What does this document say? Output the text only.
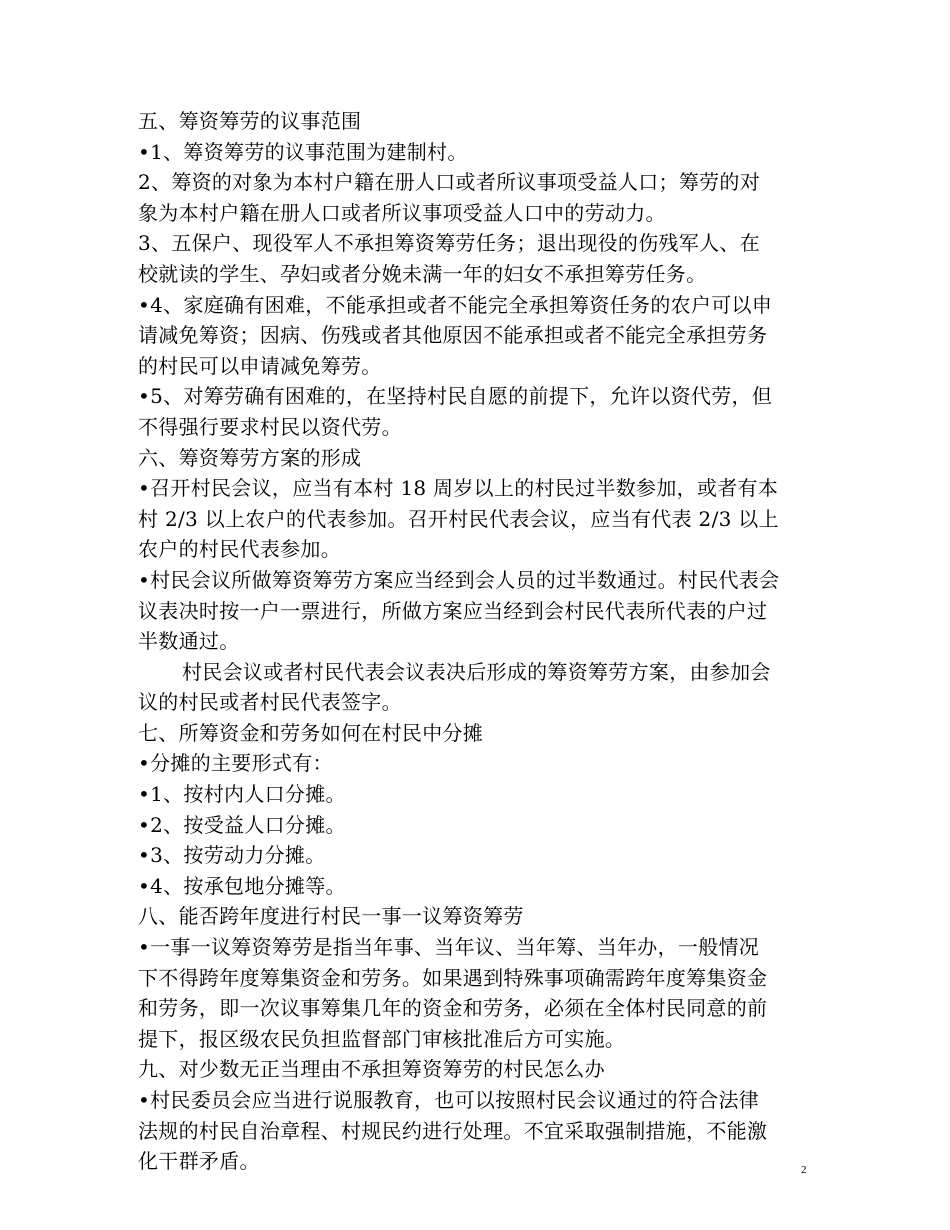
五、筹资筹劳的议事范围
•1、筹资筹劳的议事范围为建制村。
2、筹资的对象为本村户籍在册人口或者所议事项受益人口；筹劳的对
象为本村户籍在册人口或者所议事项受益人口中的劳动力。
3、五保户、现役军人不承担筹资筹劳任务；退出现役的伤残军人、在
校就读的学生、孕妇或者分娩未满一年的妇女不承担筹劳任务。
•4、家庭确有困难，不能承担或者不能完全承担筹资任务的农户可以申
请减免筹资；因病、伤残或者其他原因不能承担或者不能完全承担劳务
的村民可以申请减免筹劳。
•5、对筹劳确有困难的，在坚持村民自愿的前提下，允许以资代劳，但
不得强行要求村民以资代劳。
六、筹资筹劳方案的形成
•召开村民会议，应当有本村 18 周岁以上的村民过半数参加，或者有本
村 2/3 以上农户的代表参加。召开村民代表会议，应当有代表 2/3 以上
农户的村民代表参加。
•村民会议所做筹资筹劳方案应当经到会人员的过半数通过。村民代表会
议表决时按一户一票进行，所做方案应当经到会村民代表所代表的户过
半数通过。
村民会议或者村民代表会议表决后形成的筹资筹劳方案，由参加会
议的村民或者村民代表签字。
七、所筹资金和劳务如何在村民中分摊
•分摊的主要形式有：
•1、按村内人口分摊。
•2、按受益人口分摊。
•3、按劳动力分摊。
•4、按承包地分摊等。
八、能否跨年度进行村民一事一议筹资筹劳
•一事一议筹资筹劳是指当年事、当年议、当年筹、当年办，一般情况
下不得跨年度筹集资金和劳务。如果遇到特殊事项确需跨年度筹集资金
和劳务，即一次议事筹集几年的资金和劳务，必须在全体村民同意的前
提下，报区级农民负担监督部门审核批准后方可实施。
九、对少数无正当理由不承担筹资筹劳的村民怎么办
•村民委员会应当进行说服教育，也可以按照村民会议通过的符合法律
法规的村民自治章程、村规民约进行处理。不宜采取强制措施，不能激
化干群矛盾。	2
